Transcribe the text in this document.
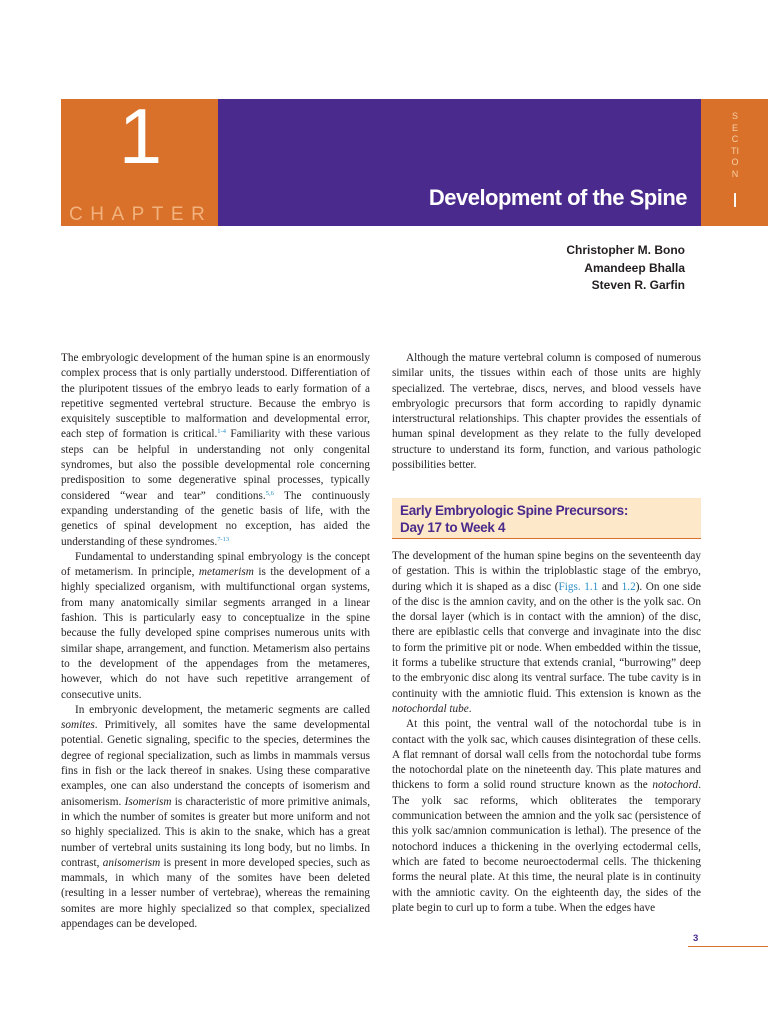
1
CHAPTER
Development of the Spine
SECTION
I
Christopher M. Bono
Amandeep Bhalla
Steven R. Garfin

The embryologic development of the human spine is an enormously complex process that is only partially understood. Differentiation of the pluripotent tissues of the embryo leads to early formation of a repetitive segmented vertebral structure. Because the embryo is exquisitely susceptible to malformation and developmental error, each step of formation is critical.$^{1-4}$ Familiarity with these various steps can be helpful in understanding not only congenital syndromes, but also the possible developmental role concerning predisposition to some degenerative spinal processes, typically considered “wear and tear” conditions.$^{5,6}$ The continuously expanding understanding of the genetic basis of life, with the genetics of spinal development no exception, has aided the understanding of these syndromes.$^{7-13}$

Fundamental to understanding spinal embryology is the concept of metamerism. In principle, metamerism is the development of a highly specialized organism, with multifunctional organ systems, from many anatomically similar segments arranged in a linear fashion. This is particularly easy to conceptualize in the spine because the fully developed spine comprises numerous units with similar shape, arrangement, and function. Metamerism also pertains to the development of the appendages from the metameres, however, which do not have such repetitive arrangement of consecutive units.

In embryonic development, the metameric segments are called somites. Primitively, all somites have the same developmental potential. Genetic signaling, specific to the species, determines the degree of regional specialization, such as limbs in mammals versus fins in fish or the lack thereof in snakes. Using these comparative examples, one can also understand the concepts of isomerism and anisomerism. Isomerism is characteristic of more primitive animals, in which the number of somites is greater but more uniform and not so highly specialized. This is akin to the snake, which has a great number of vertebral units sustaining its long body, but no limbs. In contrast, anisomerism is present in more developed species, such as mammals, in which many of the somites have been deleted (resulting in a lesser number of vertebrae), whereas the remaining somites are more highly specialized so that complex, specialized appendages can be developed.

Although the mature vertebral column is composed of numerous similar units, the tissues within each of those units are highly specialized. The vertebrae, discs, nerves, and blood vessels have embryologic precursors that form according to rapidly dynamic interstructural relationships. This chapter provides the essentials of human spinal development as they relate to the fully developed structure to understand its form, function, and various pathologic possibilities better.

Early Embryologic Spine Precursors:
Day 17 to Week 4

The development of the human spine begins on the seventeenth day of gestation. This is within the triploblastic stage of the embryo, during which it is shaped as a disc (Figs. 1.1 and 1.2). On one side of the disc is the amnion cavity, and on the other is the yolk sac. On the dorsal layer (which is in contact with the amnion) of the disc, there are epiblastic cells that converge and invaginate into the disc to form the primitive pit or node. When embedded within the tissue, it forms a tubelike structure that extends cranial, “burrowing” deep to the embryonic disc along its ventral surface. The tube cavity is in continuity with the amniotic fluid. This extension is known as the notochordal tube.

At this point, the ventral wall of the notochordal tube is in contact with the yolk sac, which causes disintegration of these cells. A flat remnant of dorsal wall cells from the notochordal tube forms the notochordal plate on the nineteenth day. This plate matures and thickens to form a solid round structure known as the notochord. The yolk sac reforms, which obliterates the temporary communication between the amnion and the yolk sac (persistence of this yolk sac/amnion communication is lethal). The presence of the notochord induces a thickening in the overlying ectodermal cells, which are fated to become neuroectodermal cells. The thickening forms the neural plate. At this time, the neural plate is in continuity with the amniotic cavity. On the eighteenth day, the sides of the plate begin to curl up to form a tube. When the edges have

3
